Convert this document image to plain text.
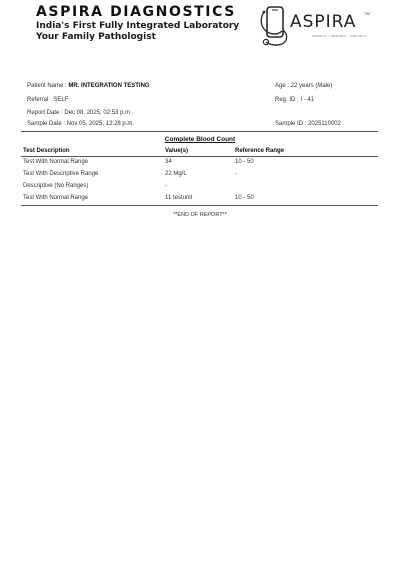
ASPIRA DIAGNOSTICS
India's First Fully Integrated Laboratory
Your Family Pathologist
ASPIRA TM
PREDICT • PREVENT • PROTECT
Patient Name : MR. INTEGRATION TESTING	Age : 22 years (Male)
Referral : SELF	Reg. ID : I - 41
Report Date : Dec 08, 2025, 02:53 p.m.
Sample Date : Nov 05, 2025, 12:28 p.m.	Sample ID : 2025110002
Complete Blood Count
Test Description	Value(s)	Reference Range
Test With Normal Range	34	10 - 50
Test With Descriptive Range	22 Mg/L	-
Descriptive (No Ranges)	-
Test With Normal Range	11 testunit	10 - 50
**END OF REPORT**
